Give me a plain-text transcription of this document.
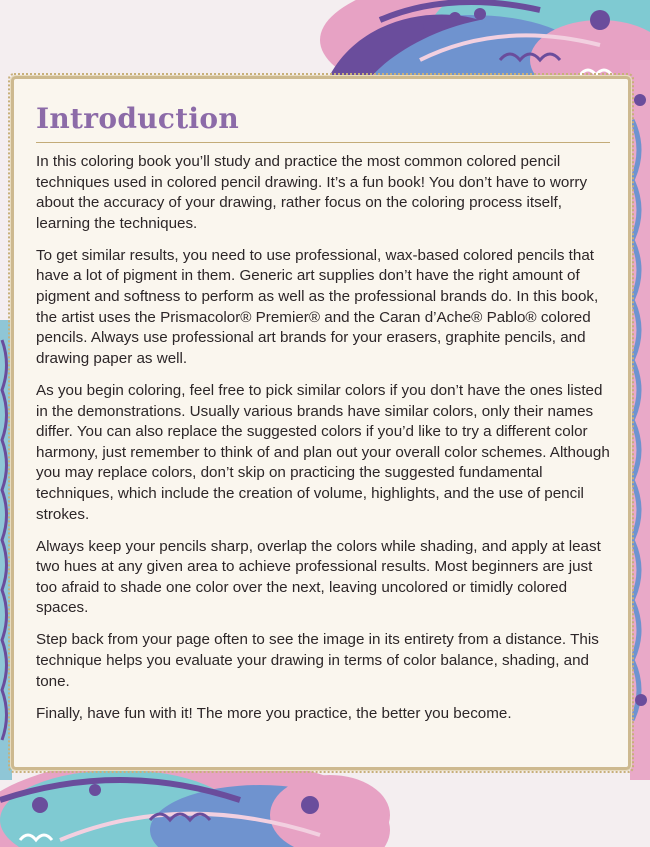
Introduction

In this coloring book you’ll study and practice the most common colored pencil techniques used in colored pencil drawing. It’s a fun book! You don’t have to worry about the accuracy of your drawing, rather focus on the coloring process itself, learning the techniques.

To get similar results, you need to use professional, wax-based colored pencils that have a lot of pigment in them. Generic art supplies don’t have the right amount of pigment and softness to perform as well as the professional brands do. In this book, the artist uses the Prismacolor® Premier® and the Caran d’Ache® Pablo® colored pencils. Always use professional art brands for your erasers, graphite pencils, and drawing paper as well.

As you begin coloring, feel free to pick similar colors if you don’t have the ones listed in the demonstrations. Usually various brands have similar colors, only their names differ. You can also replace the suggested colors if you’d like to try a different color harmony, just remember to think of and plan out your overall color schemes. Although you may replace colors, don’t skip on practicing the suggested fundamental techniques, which include the creation of volume, highlights, and the use of pencil strokes.

Always keep your pencils sharp, overlap the colors while shading, and apply at least two hues at any given area to achieve professional results. Most beginners are just too afraid to shade one color over the next, leaving uncolored or timidly colored spaces.

Step back from your page often to see the image in its entirety from a distance. This technique helps you evaluate your drawing in terms of color balance, shading, and tone.

Finally, have fun with it! The more you practice, the better you become.
